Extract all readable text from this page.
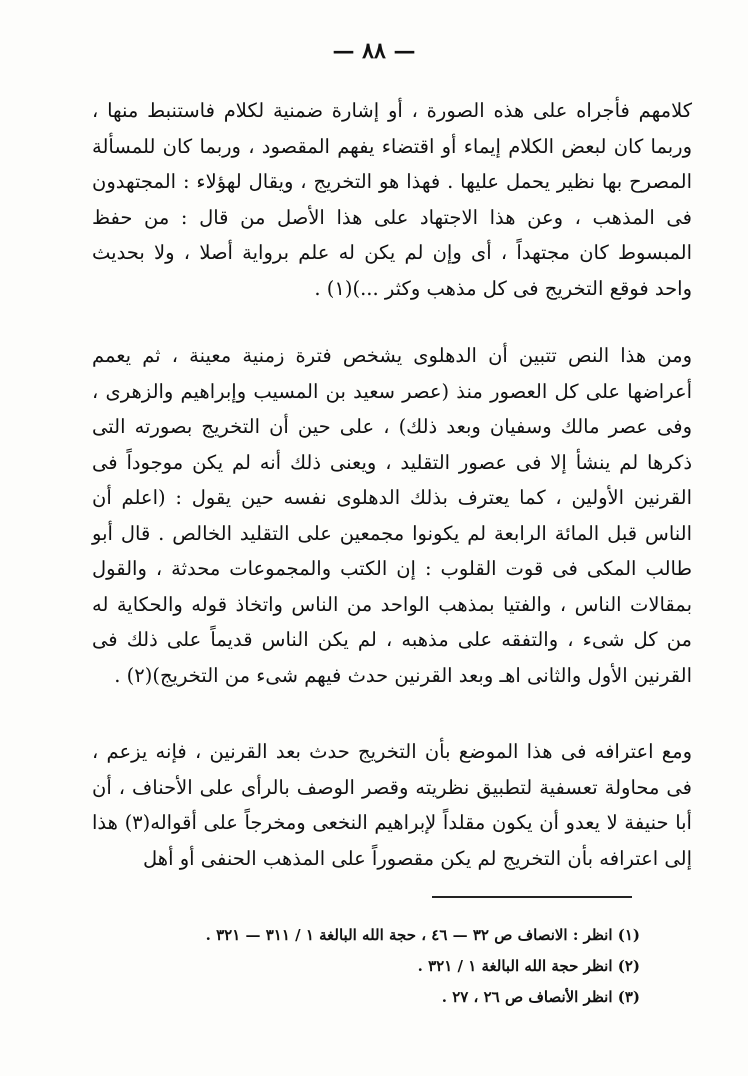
— ٨٨ —

كلامهم فأجراه على هذه الصورة ، أو إشارة ضمنية لكلام فاستنبط منها ، وربما كان لبعض الكلام إيماء أو اقتضاء يفهم المقصود ، وربما كان للمسألة المصرح بها نظير يحمل عليها . فهذا هو التخريج ، ويقال لهؤلاء : المجتهدون فى المذهب ، وعن هذا الاجتهاد على هذا الأصل من قال : من حفظ المبسوط كان مجتهداً ، أى وإن لم يكن له علم برواية أصلا ، ولا بحديث واحد فوقع التخريج فى كل مذهب وكثر ...)(١) .

ومن هذا النص تتبين أن الدهلوى يشخص فترة زمنية معينة ، ثم يعمم أعراضها على كل العصور منذ (عصر سعيد بن المسيب وإبراهيم والزهرى ، وفى عصر مالك وسفيان وبعد ذلك) ، على حين أن التخريج بصورته التى ذكرها لم ينشأ إلا فى عصور التقليد ، ويعنى ذلك أنه لم يكن موجوداً فى القرنين الأولين ، كما يعترف بذلك الدهلوى نفسه حين يقول : (اعلم أن الناس قبل المائة الرابعة لم يكونوا مجمعين على التقليد الخالص . قال أبو طالب المكى فى قوت القلوب : إن الكتب والمجموعات محدثة ، والقول بمقالات الناس ، والفتيا بمذهب الواحد من الناس واتخاذ قوله والحكاية له من كل شىء ، والتفقه على مذهبه ، لم يكن الناس قديماً على ذلك فى القرنين الأول والثانى اهـ وبعد القرنين حدث فيهم شىء من التخريج)(٢) .

ومع اعترافه فى هذا الموضع بأن التخريج حدث بعد القرنين ، فإنه يزعم ، فى محاولة تعسفية لتطبيق نظريته وقصر الوصف بالرأى على الأحناف ، أن أبا حنيفة لا يعدو أن يكون مقلداً لإبراهيم النخعى ومخرجاً على أقواله(٣) هذا إلى اعترافه بأن التخريج لم يكن مقصوراً على المذهب الحنفى أو أهل

(١) انظر : الانصاف ص ٣٢ — ٤٦ ، حجة الله البالغة ١ / ٣١١ — ٣٢١ .

(٢) انظر حجة الله البالغة ١ / ٣٢١ .

(٣) انظر الأنصاف ص ٢٦ ، ٢٧ .
